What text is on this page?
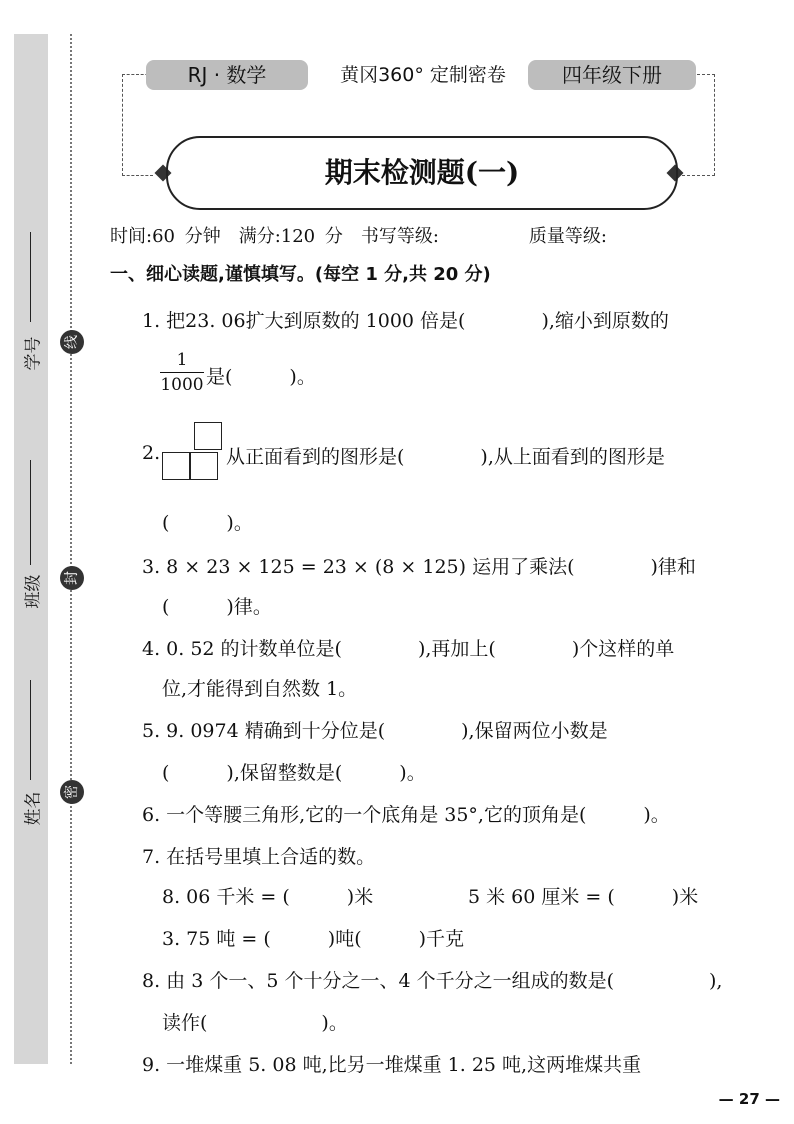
学号
班级
姓名
线
封
密
RJ · 数学	黄冈360° 定制密卷	四年级下册
期末检测题(一)
时间:60 分钟　满分:120 分　书写等级:　　　　　质量等级:
一、细心读题,谨慎填写。(每空 1 分,共 20 分)
1. 把23. 06扩大到原数的 1000 倍是(　　　　),缩小到原数的
1
1000 是(　　　)。
2.	从正面看到的图形是(　　　　),从上面看到的图形是
(　　　)。
3. 8 × 23 × 125 = 23 × (8 × 125) 运用了乘法(　　　　)律和
(　　　)律。
4. 0. 52 的计数单位是(　　　　),再加上(　　　　)个这样的单
位,才能得到自然数 1。
5. 9. 0974 精确到十分位是(　　　　),保留两位小数是
(　　　),保留整数是(　　　)。
6. 一个等腰三角形,它的一个底角是 35°,它的顶角是(　　　)。
7. 在括号里填上合适的数。
8. 06 千米 = (　　　)米	5 米 60 厘米 = (　　　)米
3. 75 吨 = (　　　)吨(　　　)千克
8. 由 3 个一、5 个十分之一、4 个千分之一组成的数是(　　　　　),
读作(　　　　　　)。
9. 一堆煤重 5. 08 吨,比另一堆煤重 1. 25 吨,这两堆煤共重
— 27 —
